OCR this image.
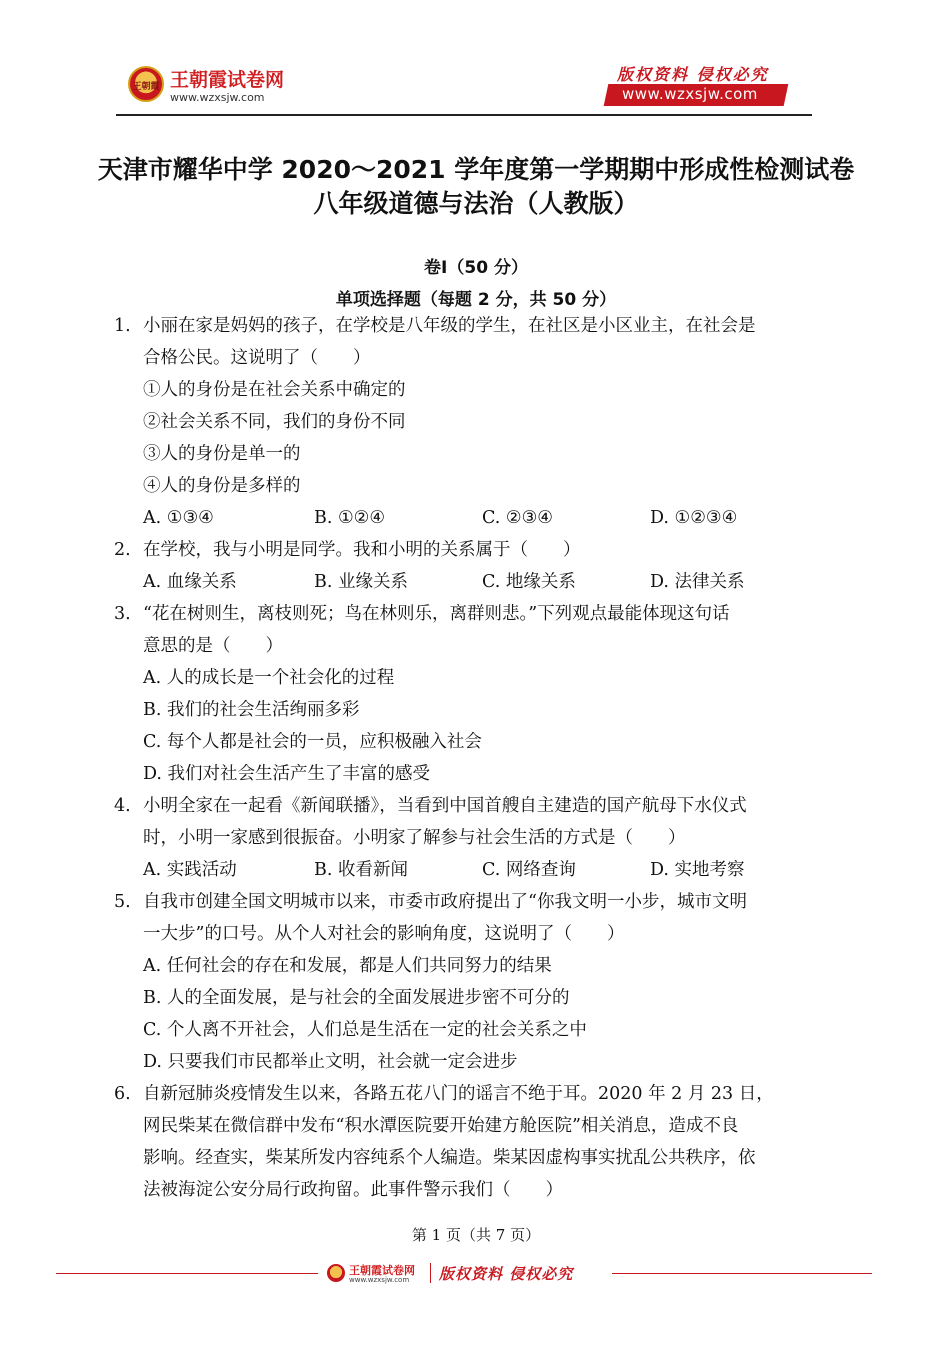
王朝霞 王朝霞试卷网
www.wzxsjw.com
版权资料 侵权必究
www.wzxsjw.com
天津市耀华中学 2020～2021 学年度第一学期期中形成性检测试卷
八年级道德与法治（人教版）
卷Ⅰ（50 分）
单项选择题（每题 2 分，共 50 分）
1. 小丽在家是妈妈的孩子，在学校是八年级的学生，在社区是小区业主，在社会是
合格公民。这说明了（　　）
①人的身份是在社会关系中确定的
②社会关系不同，我们的身份不同
③人的身份是单一的
④人的身份是多样的
A. ①③④	B. ①②④	C. ②③④	D. ①②③④
2. 在学校，我与小明是同学。我和小明的关系属于（　　）
A. 血缘关系	B. 业缘关系	C. 地缘关系	D. 法律关系
3. “花在树则生，离枝则死；鸟在林则乐，离群则悲。”下列观点最能体现这句话
意思的是（　　）
A. 人的成长是一个社会化的过程
B. 我们的社会生活绚丽多彩
C. 每个人都是社会的一员，应积极融入社会
D. 我们对社会生活产生了丰富的感受
4. 小明全家在一起看《新闻联播》，当看到中国首艘自主建造的国产航母下水仪式
时，小明一家感到很振奋。小明家了解参与社会生活的方式是（　　）
A. 实践活动	B. 收看新闻	C. 网络查询	D. 实地考察
5. 自我市创建全国文明城市以来，市委市政府提出了“你我文明一小步，城市文明
一大步”的口号。从个人对社会的影响角度，这说明了（　　）
A. 任何社会的存在和发展，都是人们共同努力的结果
B. 人的全面发展，是与社会的全面发展进步密不可分的
C. 个人离不开社会，人们总是生活在一定的社会关系之中
D. 只要我们市民都举止文明，社会就一定会进步
6. 自新冠肺炎疫情发生以来，各路五花八门的谣言不绝于耳。2020 年 2 月 23 日，
网民柴某在微信群中发布“积水潭医院要开始建方舱医院”相关消息，造成不良
影响。经查实，柴某所发内容纯系个人编造。柴某因虚构事实扰乱公共秩序，依
法被海淀公安分局行政拘留。此事件警示我们（　　）
第 1 页（共 7 页）
王朝霞试卷网
www.wzxsjw.com 版权资料 侵权必究
